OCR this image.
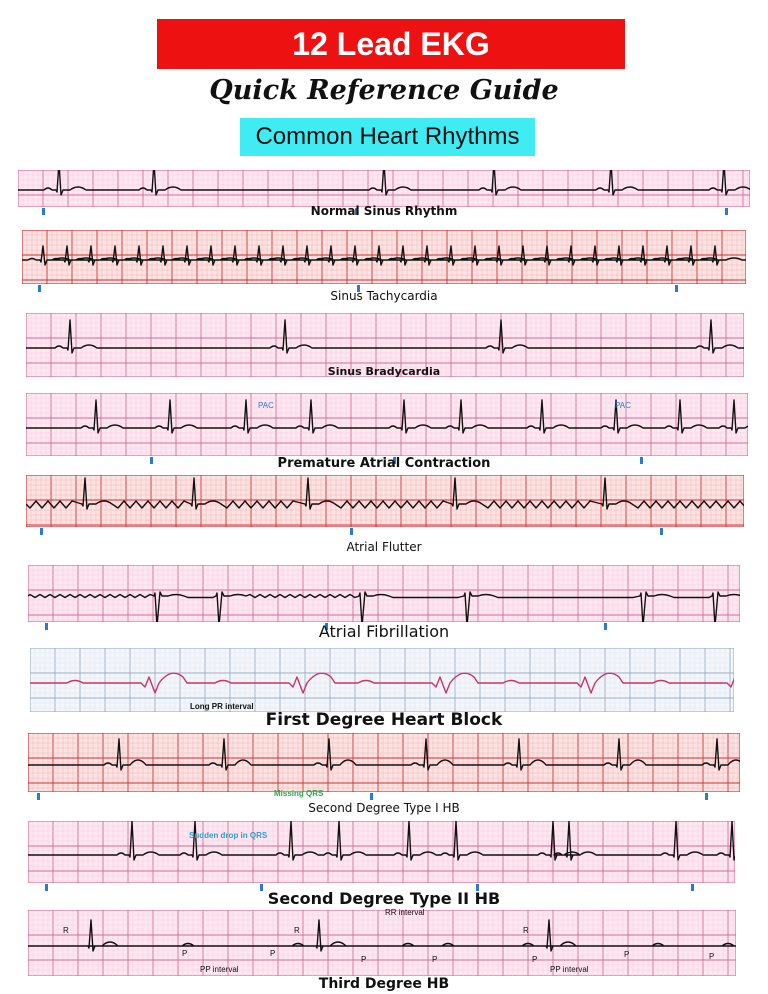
12 Lead EKG
Quick Reference Guide
Common Heart Rhythms
Normal Sinus Rhythm
Sinus Tachycardia
Sinus Bradycardia
Premature Atrial Contraction
Atrial Flutter
Atrial Fibrillation
First Degree Heart Block
Second Degree Type I HB
Second Degree Type II HB
Third Degree HB
PAC	PAC
Long PR interval
Missing QRS
Sudden drop in QRS
RR interval
PP interval	PP interval
R	R	R
P	P
P	P	P
P	P
